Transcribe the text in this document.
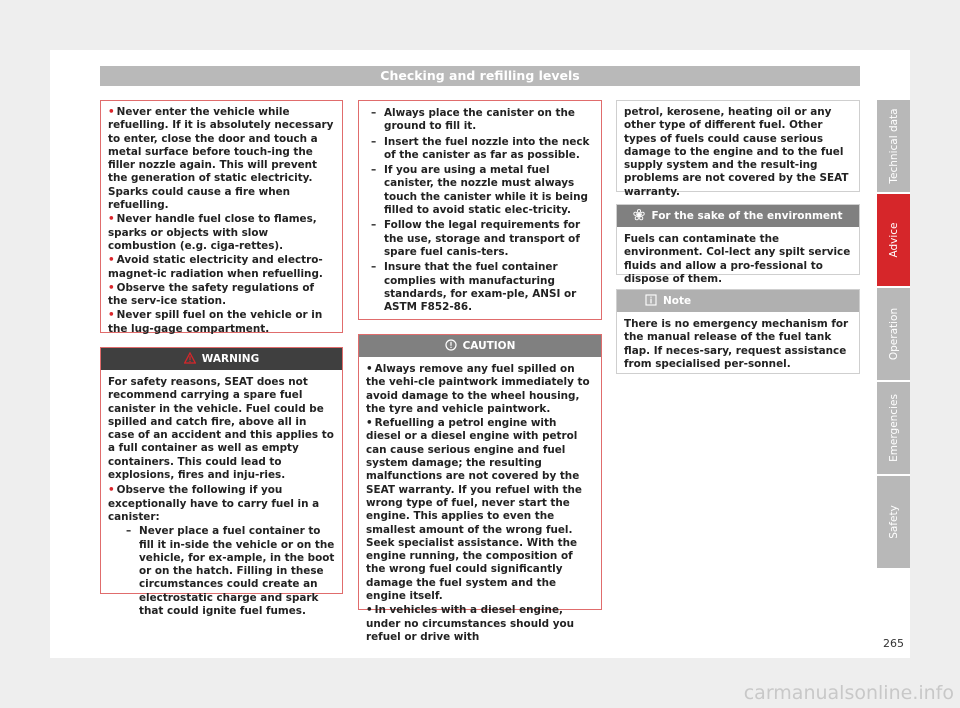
Checking and refilling levels
• Never enter the vehicle while refuelling. If it is absolutely necessary to enter, close the door and touch a metal surface before touch-ing the filler nozzle again. This will prevent the generation of static electricity. Sparks could cause a fire when refuelling.
• Never handle fuel close to flames, sparks or objects with slow combustion (e.g. ciga-rettes).
• Avoid static electricity and electro-magnet-ic radiation when refuelling.
• Observe the safety regulations of the serv-ice station.
• Never spill fuel on the vehicle or in the lug-gage compartment.
WARNING

For safety reasons, SEAT does not recommend carrying a spare fuel canister in the vehicle. Fuel could be spilled and catch fire, above all in case of an accident and this applies to a full container as well as empty containers. This could lead to explosions, fires and inju-ries.

• Observe the following if you exceptionally have to carry fuel in a canister:
– Never place a fuel container to fill it in-side the vehicle or on the vehicle, for ex-ample, in the boot or on the hatch. Filling in these circumstances could create an electrostatic charge and spark that could ignite fuel fumes.
– Always place the canister on the ground to fill it.
– Insert the fuel nozzle into the neck of the canister as far as possible.
– If you are using a metal fuel canister, the nozzle must always touch the canister while it is being filled to avoid static elec-tricity.
– Follow the legal requirements for the use, storage and transport of spare fuel canis-ters.
– Insure that the fuel container complies with manufacturing standards, for exam-ple, ANSI or ASTM F852-86.
CAUTION
• Always remove any fuel spilled on the vehi-cle paintwork immediately to avoid damage to the wheel housing, the tyre and vehicle paintwork.
• Refuelling a petrol engine with diesel or a diesel engine with petrol can cause serious engine and fuel system damage; the resulting malfunctions are not covered by the SEAT warranty. If you refuel with the wrong type of fuel, never start the engine. This applies to even the smallest amount of the wrong fuel. Seek specialist assistance. With the engine running, the composition of the wrong fuel could significantly damage the fuel system and the engine itself.
• In vehicles with a diesel engine, under no circumstances should you refuel or drive with

petrol, kerosene, heating oil or any other type of different fuel. Other types of fuels could cause serious damage to the engine and to the fuel supply system and the result-ing problems are not covered by the SEAT warranty.

For the sake of the environment

Fuels can contaminate the environment. Col-lect any spilt service fluids and allow a pro-fessional to dispose of them.

Note

There is no emergency mechanism for the manual release of the fuel tank flap. If neces-sary, request assistance from specialised per-sonnel.

Technical data
Advice
Operation
Emergencies
Safety
265
carmanualsonline.info
